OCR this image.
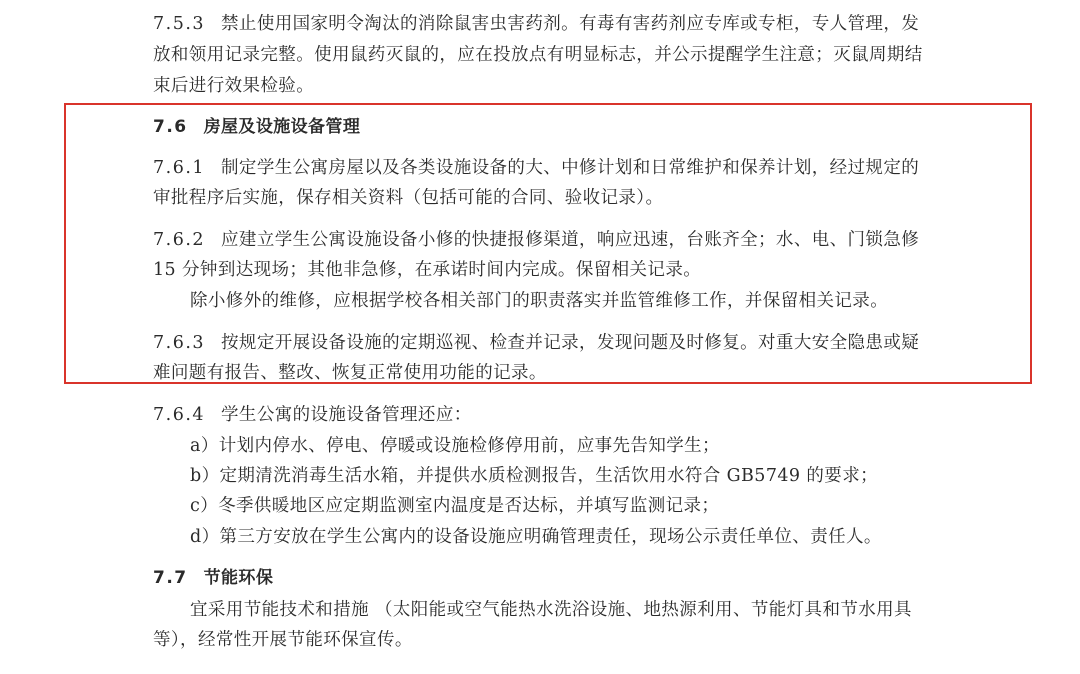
7.5.3 禁止使用国家明令淘汰的消除鼠害虫害药剂。有毒有害药剂应专库或专柜，专人管理，发
放和领用记录完整。使用鼠药灭鼠的，应在投放点有明显标志，并公示提醒学生注意；灭鼠周期结
束后进行效果检验。
7.6 房屋及设施设备管理
7.6.1 制定学生公寓房屋以及各类设施设备的大、中修计划和日常维护和保养计划，经过规定的
审批程序后实施，保存相关资料（包括可能的合同、验收记录）。
7.6.2 应建立学生公寓设施设备小修的快捷报修渠道，响应迅速，台账齐全；水、电、门锁急修
15 分钟到达现场；其他非急修，在承诺时间内完成。保留相关记录。
除小修外的维修，应根据学校各相关部门的职责落实并监管维修工作，并保留相关记录。
7.6.3 按规定开展设备设施的定期巡视、检查并记录，发现问题及时修复。对重大安全隐患或疑
难问题有报告、整改、恢复正常使用功能的记录。
7.6.4 学生公寓的设施设备管理还应：
a）计划内停水、停电、停暖或设施检修停用前，应事先告知学生；
b）定期清洗消毒生活水箱，并提供水质检测报告，生活饮用水符合 GB5749 的要求；
c）冬季供暖地区应定期监测室内温度是否达标，并填写监测记录；
d）第三方安放在学生公寓内的设备设施应明确管理责任，现场公示责任单位、责任人。
7.7 节能环保
宜采用节能技术和措施 （太阳能或空气能热水洗浴设施、地热源利用、节能灯具和节水用具
等），经常性开展节能环保宣传。
